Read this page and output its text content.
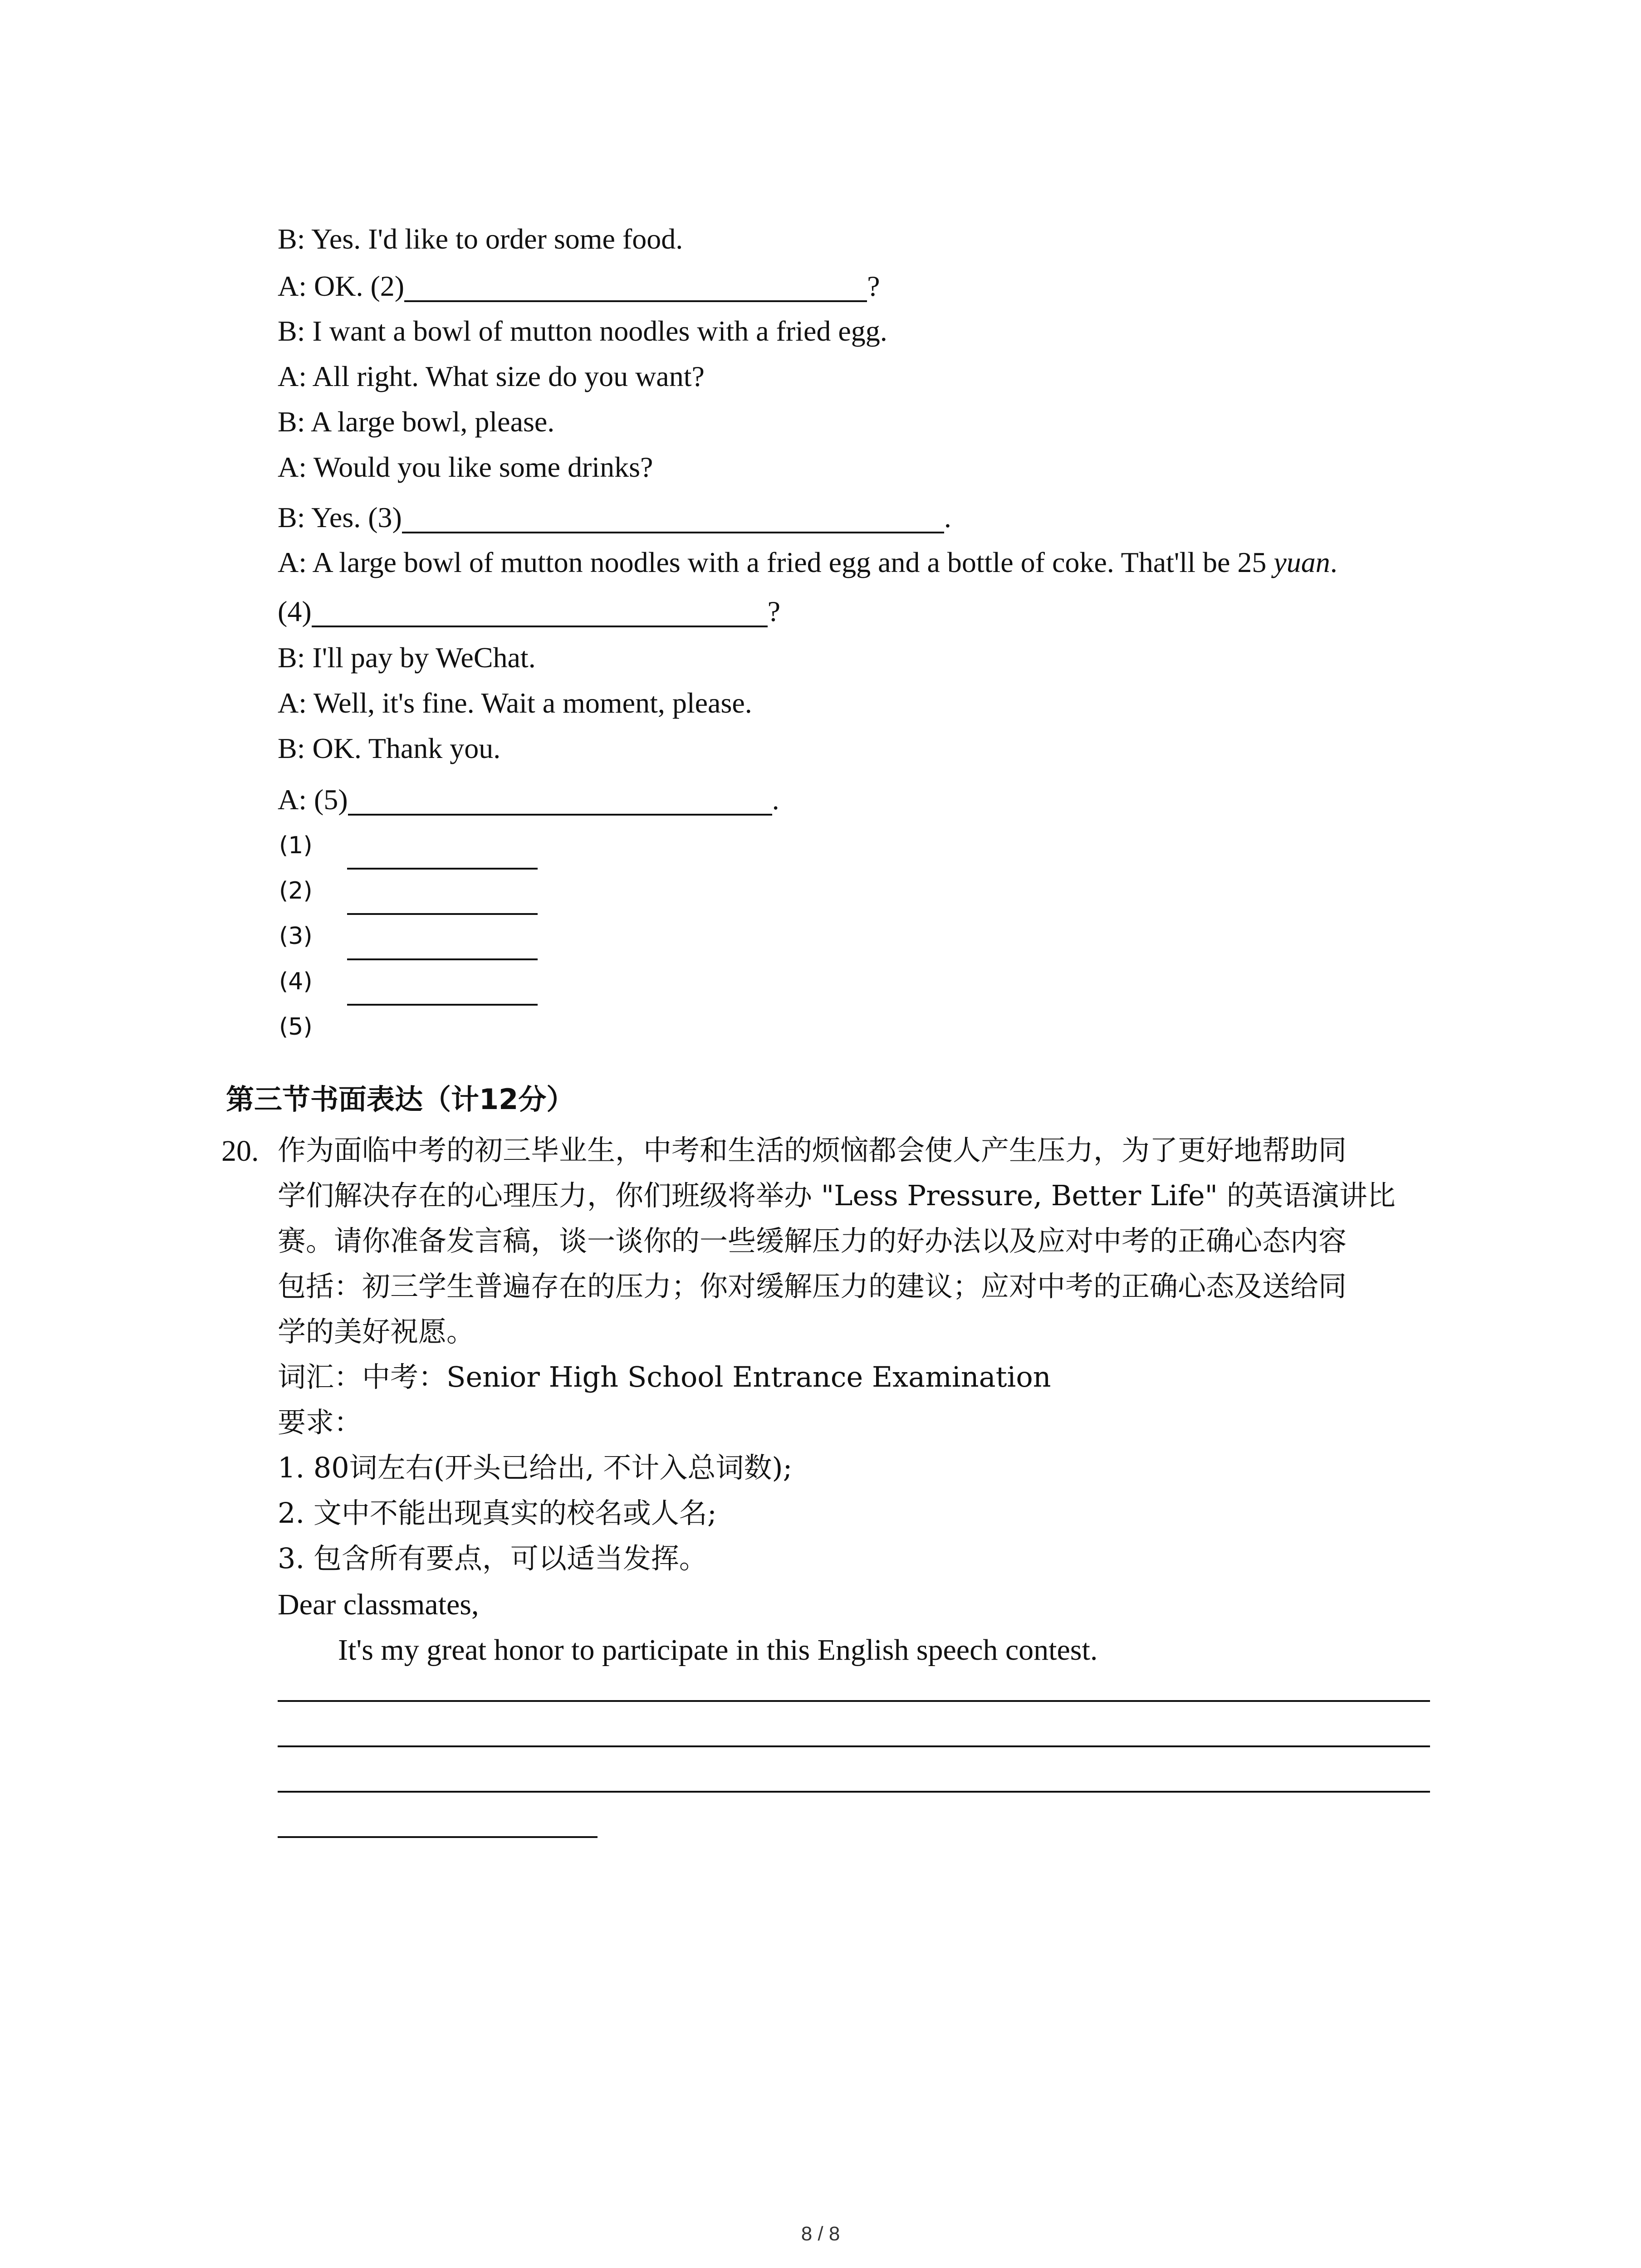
B: Yes. I'd like to order some food.
A: OK. (2)	?
B: I want a bowl of mutton noodles with a fried egg.
A: All right. What size do you want?
B: A large bowl, please.
A: Would you like some drinks?
B: Yes. (3)	.
A: A large bowl of mutton noodles with a fried egg and a bottle of coke. That'll be 25 yuan.
(4)	?
B: I'll pay by WeChat.
A: Well, it's fine. Wait a moment, please.
B: OK. Thank you.
A: (5)	.
(1)
(2)
(3)
(4)
(5)
第三节书面表达（计12分）
20. 作为面临中考的初三毕业生，中考和生活的烦恼都会使人产生压力，为了更好地帮助同
学们解决存在的心理压力，你们班级将举办 "Less Pressure, Better Life" 的英语演讲比
赛。请你准备发言稿，谈一谈你的一些缓解压力的好办法以及应对中考的正确心态内容
包括：初三学生普遍存在的压力；你对缓解压力的建议；应对中考的正确心态及送给同
学的美好祝愿。
词汇：中考：Senior High School Entrance Examination
要求：
1. 80词左右(开头已给出, 不计入总词数);
2. 文中不能出现真实的校名或人名;
3. 包含所有要点，可以适当发挥。
Dear classmates,
It's my great honor to participate in this English speech contest.
8 / 8
